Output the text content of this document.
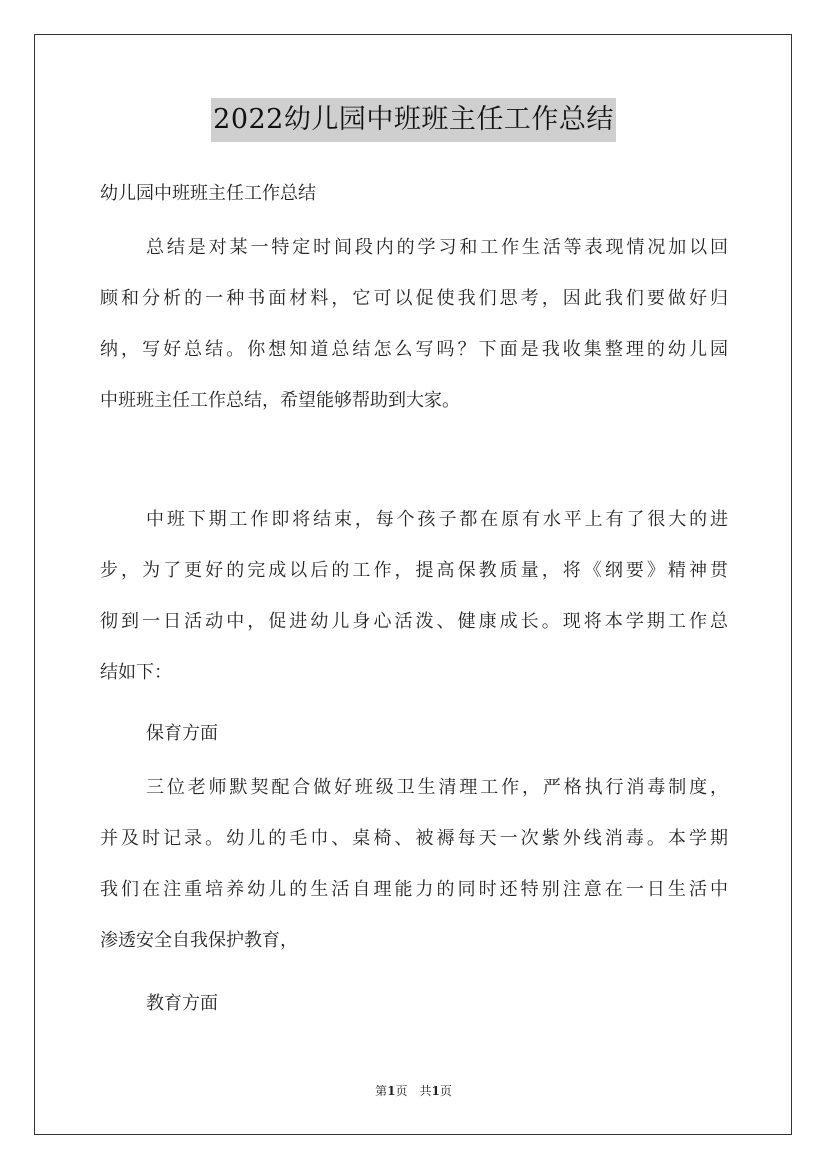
2022幼儿园中班班主任工作总结
幼儿园中班班主任工作总结
总结是对某一特定时间段内的学习和工作生活等表现情况加以回
顾和分析的一种书面材料，它可以促使我们思考，因此我们要做好归
纳，写好总结。你想知道总结怎么写吗？下面是我收集整理的幼儿园
中班班主任工作总结，希望能够帮助到大家。
中班下期工作即将结束，每个孩子都在原有水平上有了很大的进
步，为了更好的完成以后的工作，提高保教质量，将《纲要》精神贯
彻到一日活动中，促进幼儿身心活泼、健康成长。现将本学期工作总
结如下：
保育方面
三位老师默契配合做好班级卫生清理工作，严格执行消毒制度，
并及时记录。幼儿的毛巾、桌椅、被褥每天一次紫外线消毒。本学期
我们在注重培养幼儿的生活自理能力的同时还特别注意在一日生活中
渗透安全自我保护教育，
教育方面
第1页　共1页
